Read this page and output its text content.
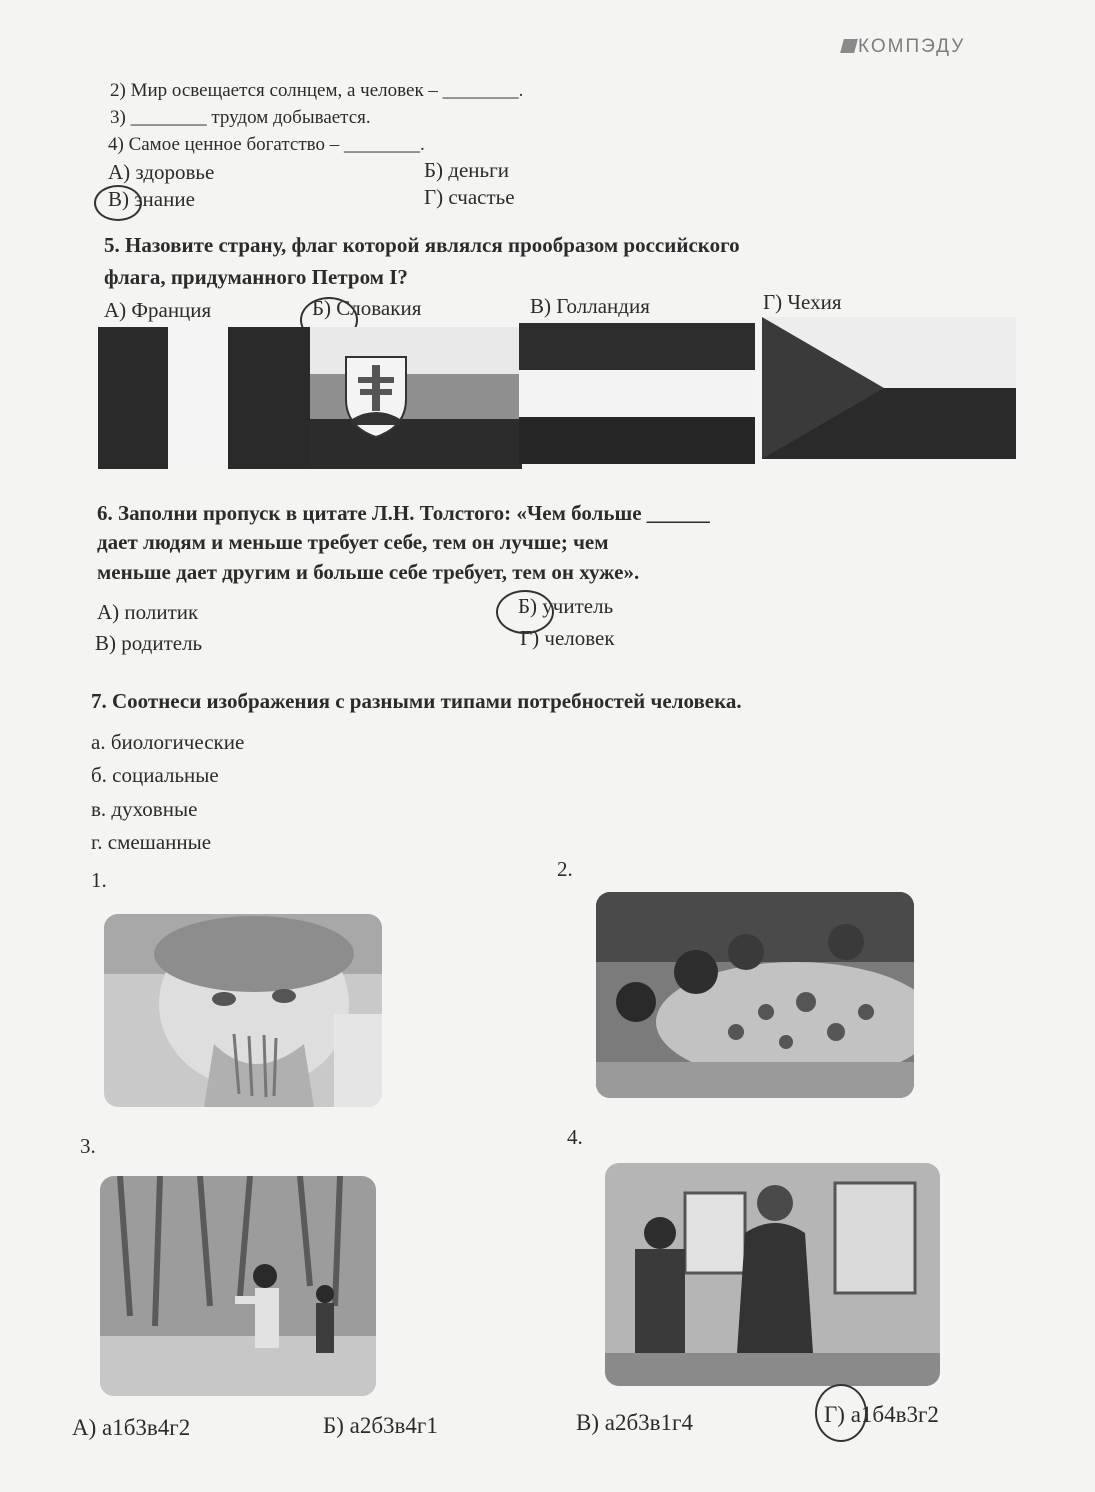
КОМПЭДУ
2) Мир освещается солнцем, а человек – ________.
3) ________ трудом добывается.
4) Самое ценное богатство – ________.
А) здоровье	Б) деньги
В) знание	Г) счастье
5. Назовите страну, флаг которой являлся прообразом российского
флага, придуманного Петром I?
А) Франция	Б) Словакия	В) Голландия	Г) Чехия
6. Заполни пропуск в цитате Л.Н. Толстого: «Чем больше ______
дает людям и меньше требует себе, тем он лучше; чем
меньше дает другим и больше себе требует, тем он хуже».
А) политик	Б) учитель
В) родитель	Г) человек
7. Соотнеси изображения с разными типами потребностей человека.
а. биологические
б. социальные
в. духовные
г. смешанные
1.	2.
3.	4.
А) а1б3в4г2	Б) а2б3в4г1	В) а2б3в1г4	Г) а1б4в3г2
